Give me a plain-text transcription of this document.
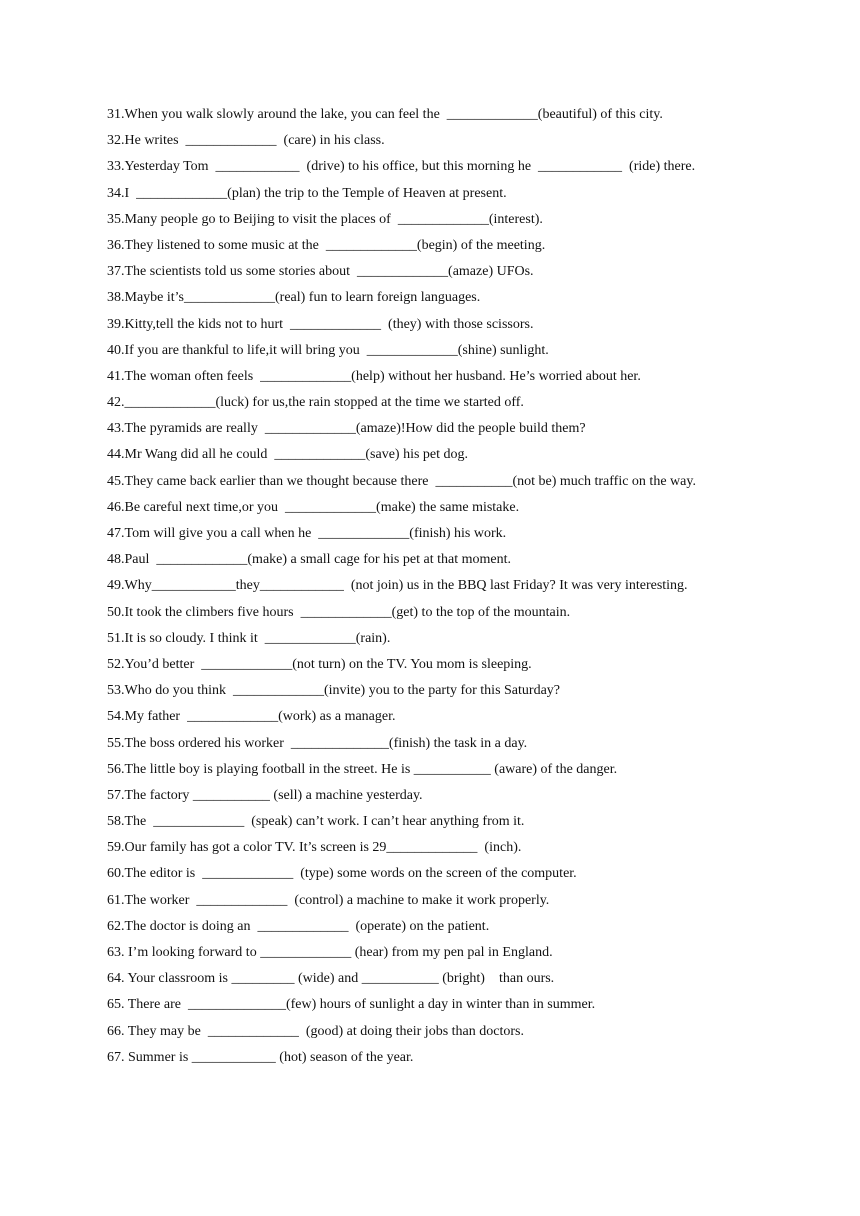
31.When you walk slowly around the lake, you can feel the  _____________(beautiful) of this city.
32.He writes  _____________  (care) in his class.
33.Yesterday Tom  ____________  (drive) to his office, but this morning he  ____________  (ride) there.
34.I  _____________(plan) the trip to the Temple of Heaven at present.
35.Many people go to Beijing to visit the places of  _____________(interest).
36.They listened to some music at the  _____________(begin) of the meeting.
37.The scientists told us some stories about  _____________(amaze) UFOs.
38.Maybe it’s_____________(real) fun to learn foreign languages.
39.Kitty,tell the kids not to hurt  _____________  (they) with those scissors.
40.If you are thankful to life,it will bring you  _____________(shine) sunlight.
41.The woman often feels  _____________(help) without her husband. He’s worried about her.
42._____________(luck) for us,the rain stopped at the time we started off.
43.The pyramids are really  _____________(amaze)!How did the people build them?
44.Mr Wang did all he could  _____________(save) his pet dog.
45.They came back earlier than we thought because there  ___________(not be) much traffic on the way.
46.Be careful next time,or you  _____________(make) the same mistake.
47.Tom will give you a call when he  _____________(finish) his work.
48.Paul  _____________(make) a small cage for his pet at that moment.
49.Why____________they____________  (not join) us in the BBQ last Friday? It was very interesting.
50.It took the climbers five hours  _____________(get) to the top of the mountain.
51.It is so cloudy. I think it  _____________(rain).
52.You’d better  _____________(not turn) on the TV. You mom is sleeping.
53.Who do you think  _____________(invite) you to the party for this Saturday?
54.My father  _____________(work) as a manager.
55.The boss ordered his worker  ______________(finish) the task in a day.
56.The little boy is playing football in the street. He is ___________ (aware) of the danger.
57.The factory ___________ (sell) a machine yesterday.
58.The  _____________  (speak) can’t work. I can’t hear anything from it.
59.Our family has got a color TV. It’s screen is 29_____________  (inch).
60.The editor is  _____________  (type) some words on the screen of the computer.
61.The worker  _____________  (control) a machine to make it work properly.
62.The doctor is doing an  _____________  (operate) on the patient.
63. I’m looking forward to _____________ (hear) from my pen pal in England.
64. Your classroom is _________ (wide) and ___________ (bright)    than ours.
65. There are  ______________(few) hours of sunlight a day in winter than in summer.
66. They may be  _____________  (good) at doing their jobs than doctors.
67. Summer is ____________ (hot) season of the year.
